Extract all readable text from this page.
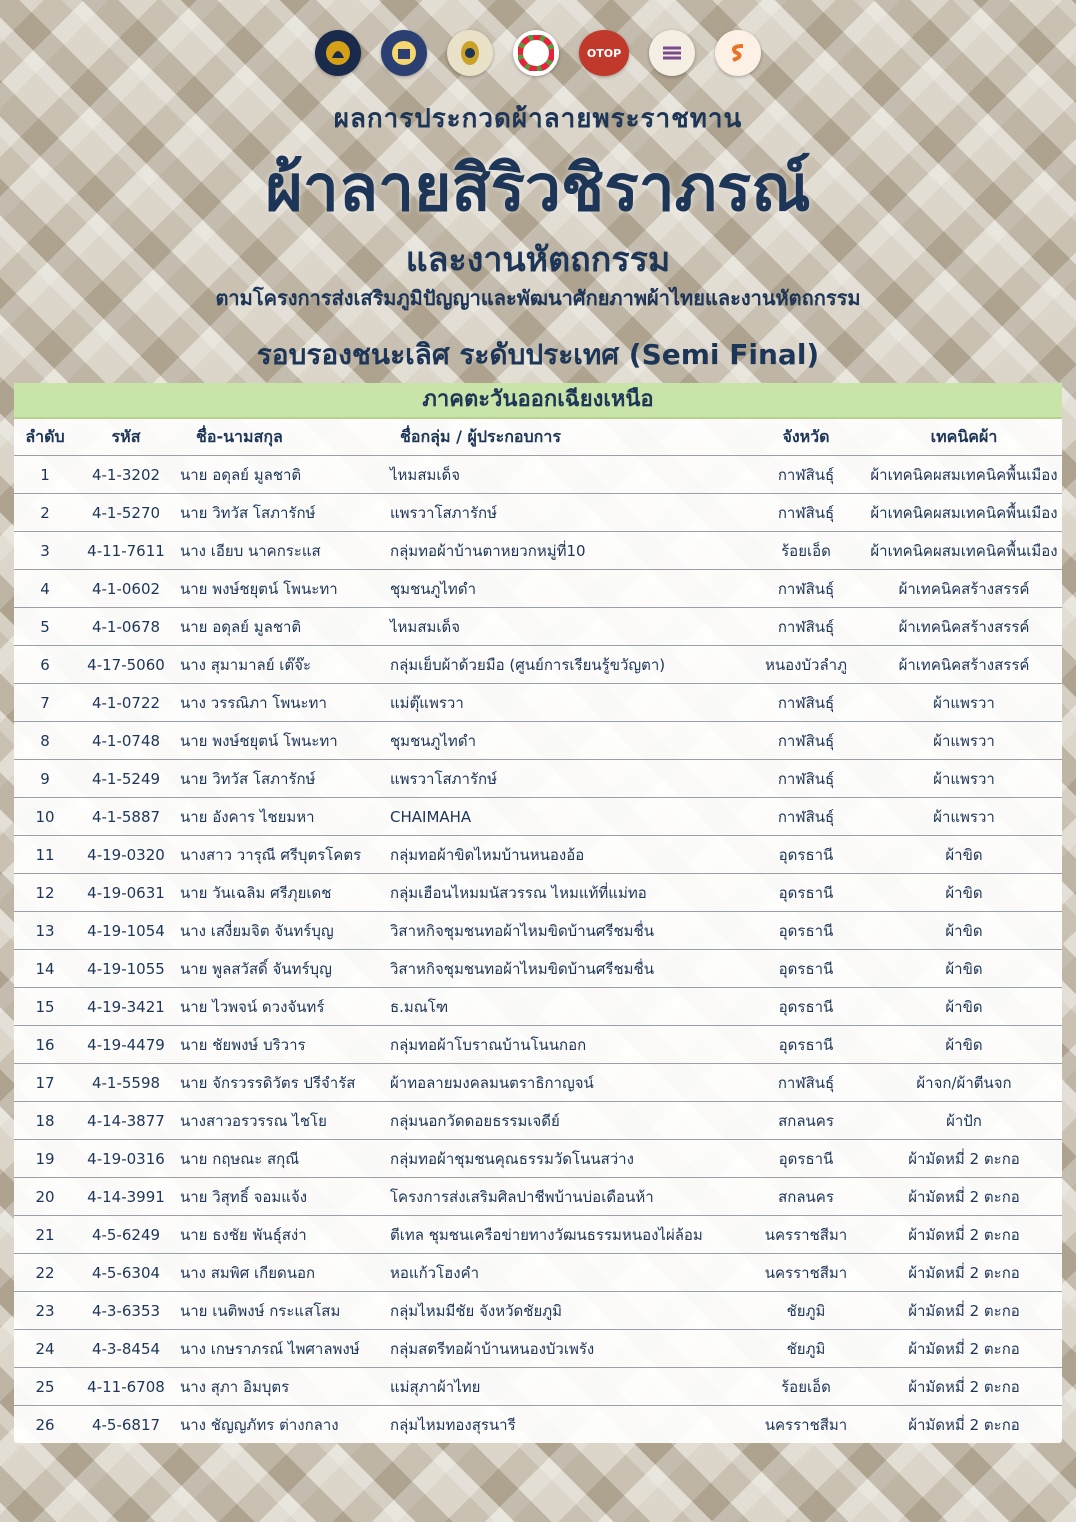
OTOP
ผลการประกวดผ้าลายพระราชทาน
ผ้าลายสิริวชิราภรณ์
และงานหัตถกรรม
ตามโครงการส่งเสริมภูมิปัญญาและพัฒนาศักยภาพผ้าไทยและงานหัตถกรรม
รอบรองชนะเลิศ ระดับประเทศ (Semi Final)
ภาคตะวันออกเฉียงเหนือ
ลำดับ	รหัส	ชื่อ-นามสกุล	ชื่อกลุ่ม / ผู้ประกอบการ	จังหวัด	เทคนิคผ้า
1	4-1-3202	นาย อดุลย์ มูลชาติ	ไหมสมเด็จ	กาฬสินธุ์	ผ้าเทคนิคผสมเทคนิคพื้นเมือง
2	4-1-5270	นาย วิทวัส โสภารักษ์	แพรวาโสภารักษ์	กาฬสินธุ์	ผ้าเทคนิคผสมเทคนิคพื้นเมือง
3	4-11-7611	นาง เอียบ นาคกระแส	กลุ่มทอผ้าบ้านตาหยวกหมู่ที่10	ร้อยเอ็ด	ผ้าเทคนิคผสมเทคนิคพื้นเมือง
4	4-1-0602	นาย พงษ์ชยุตน์ โพนะทา	ชุมชนภูไทดำ	กาฬสินธุ์	ผ้าเทคนิคสร้างสรรค์
5	4-1-0678	นาย อดุลย์ มูลชาติ	ไหมสมเด็จ	กาฬสินธุ์	ผ้าเทคนิคสร้างสรรค์
6	4-17-5060	นาง สุมามาลย์ เต๊จ๊ะ	กลุ่มเย็บผ้าด้วยมือ (ศูนย์การเรียนรู้ขวัญตา)	หนองบัวลำภู	ผ้าเทคนิคสร้างสรรค์
7	4-1-0722	นาง วรรณิภา โพนะทา	แม่ตุ๊แพรวา	กาฬสินธุ์	ผ้าแพรวา
8	4-1-0748	นาย พงษ์ชยุตน์ โพนะทา	ชุมชนภูไทดำ	กาฬสินธุ์	ผ้าแพรวา
9	4-1-5249	นาย วิทวัส โสภารักษ์	แพรวาโสภารักษ์	กาฬสินธุ์	ผ้าแพรวา
10	4-1-5887	นาย อังคาร ไชยมหา	CHAIMAHA	กาฬสินธุ์	ผ้าแพรวา
11	4-19-0320	นางสาว วารุณี ศรีบุตรโคตร	กลุ่มทอผ้าขิดไหมบ้านหนองอ้อ	อุดรธานี	ผ้าขิด
12	4-19-0631	นาย วันเฉลิม ศรีภุยเดช	กลุ่มเฮือนไหมมนัสวรรณ ไหมแท้ที่แม่ทอ	อุดรธานี	ผ้าขิด
13	4-19-1054	นาง เสงี่ยมจิต จันทร์บุญ	วิสาหกิจชุมชนทอผ้าไหมขิดบ้านศรีชมชื่น	อุดรธานี	ผ้าขิด
14	4-19-1055	นาย พูลสวัสดิ์ จันทร์บุญ	วิสาหกิจชุมชนทอผ้าไหมขิดบ้านศรีชมชื่น	อุดรธานี	ผ้าขิด
15	4-19-3421	นาย ไวพจน์ ดวงจันทร์	ธ.มณโฑ	อุดรธานี	ผ้าขิด
16	4-19-4479	นาย ชัยพงษ์ บริวาร	กลุ่มทอผ้าโบราณบ้านโนนกอก	อุดรธานี	ผ้าขิด
17	4-1-5598	นาย จักรวรรดิวัตร ปรีจำรัส	ผ้าทอลายมงคลมนตราธิกาญจน์	กาฬสินธุ์	ผ้าจก/ผ้าตีนจก
18	4-14-3877	นางสาวอรวรรณ ไชโย	กลุ่มนอกวัดดอยธรรมเจดีย์	สกลนคร	ผ้าปัก
19	4-19-0316	นาย กฤษณะ สกุณี	กลุ่มทอผ้าชุมชนคุณธรรมวัดโนนสว่าง	อุดรธานี	ผ้ามัดหมี่ 2 ตะกอ
20	4-14-3991	นาย วิสุทธิ์ จอมแจ้ง	โครงการส่งเสริมศิลปาชีพบ้านบ่อเดือนห้า	สกลนคร	ผ้ามัดหมี่ 2 ตะกอ
21	4-5-6249	นาย ธงชัย พันธุ์สง่า	ตีเทล ชุมชนเครือข่ายทางวัฒนธรรมหนองไผ่ล้อม	นครราชสีมา	ผ้ามัดหมี่ 2 ตะกอ
22	4-5-6304	นาง สมพิศ เกียดนอก	หอแก้วโฮงคำ	นครราชสีมา	ผ้ามัดหมี่ 2 ตะกอ
23	4-3-6353	นาย เนติพงษ์ กระแสโสม	กลุ่มไหมมีชัย จังหวัดชัยภูมิ	ชัยภูมิ	ผ้ามัดหมี่ 2 ตะกอ
24	4-3-8454	นาง เกษราภรณ์ ไพศาลพงษ์	กลุ่มสตรีทอผ้าบ้านหนองบัวเพรัง	ชัยภูมิ	ผ้ามัดหมี่ 2 ตะกอ
25	4-11-6708	นาง สุภา อิมบุตร	แม่สุภาผ้าไทย	ร้อยเอ็ด	ผ้ามัดหมี่ 2 ตะกอ
26	4-5-6817	นาง ชัญญภัทร ต่างกลาง	กลุ่มไหมทองสุรนารี	นครราชสีมา	ผ้ามัดหมี่ 2 ตะกอ
